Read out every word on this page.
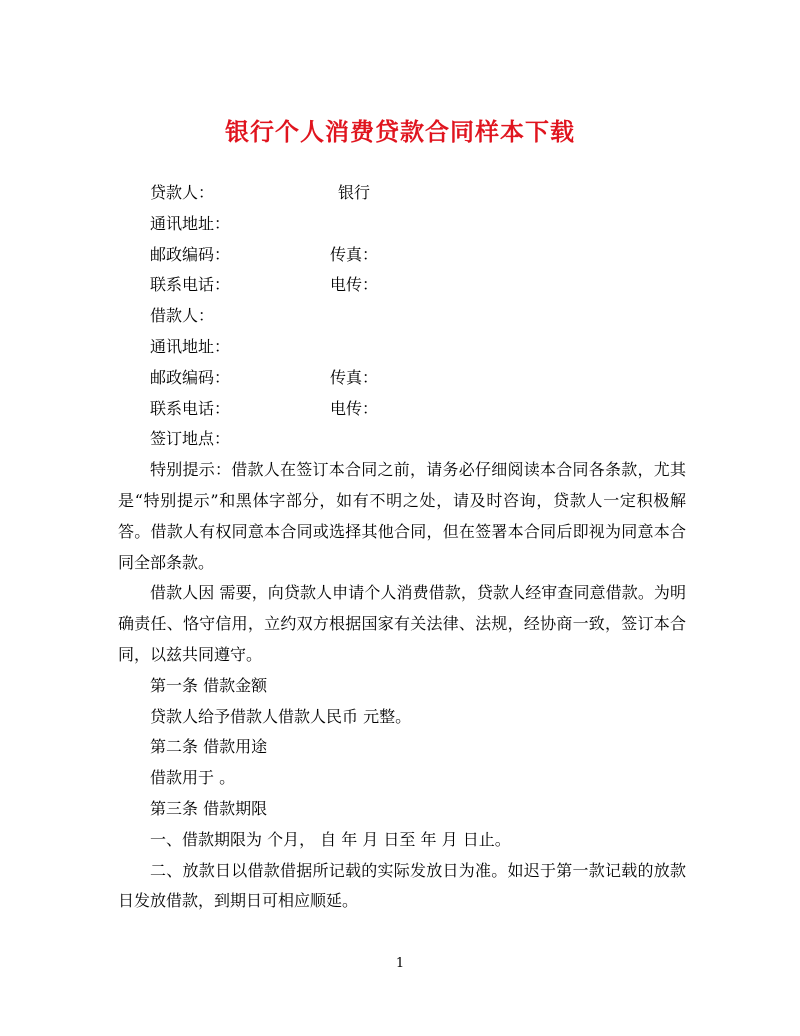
银行个人消费贷款合同样本下载
贷款人：	银行
通讯地址：
邮政编码：	传真：
联系电话：	电传：
借款人：
通讯地址：
邮政编码：	传真：
联系电话：	电传：
签订地点：

特别提示：借款人在签订本合同之前，请务必仔细阅读本合同各条款，尤其是“特别提示”和黑体字部分，如有不明之处，请及时咨询，贷款人一定积极解答。借款人有权同意本合同或选择其他合同，但在签署本合同后即视为同意本合同全部条款。

借款人因 需要，向贷款人申请个人消费借款，贷款人经审查同意借款。为明确责任、恪守信用，立约双方根据国家有关法律、法规，经协商一致，签订本合同，以兹共同遵守。

第一条 借款金额
贷款人给予借款人借款人民币 元整。
第二条 借款用途
借款用于 。
第三条 借款期限
一、借款期限为 个月， 自 年 月 日至 年 月 日止。

二、放款日以借款借据所记载的实际发放日为准。如迟于第一款记载的放款日发放借款，到期日可相应顺延。

1
